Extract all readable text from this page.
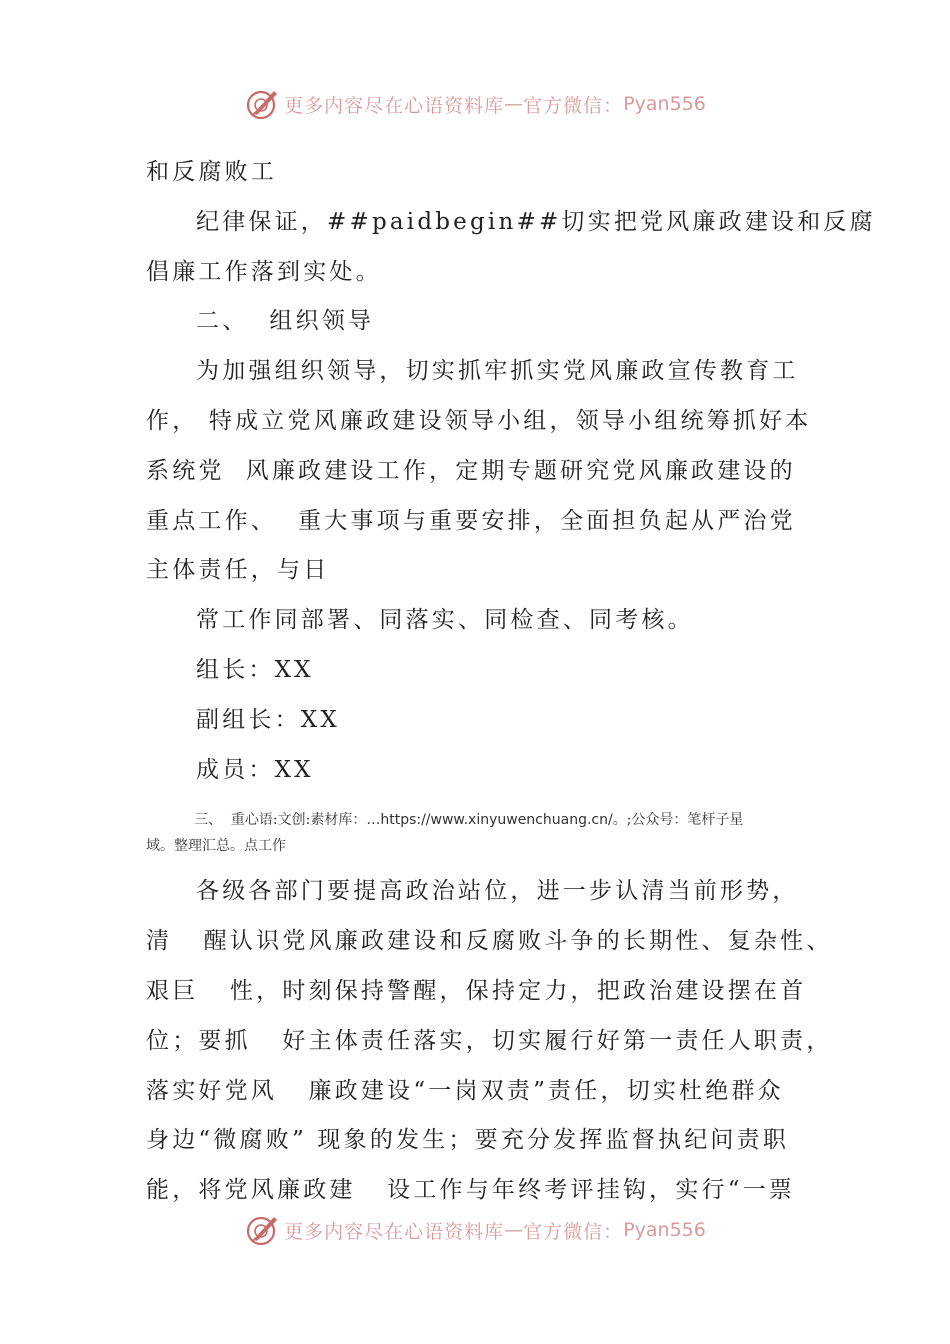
更多内容尽在心语资料库 — 官方微信： Pyan556
和反腐败工
纪律保证，##paidbegin##切实把党风廉政建设和反腐
倡廉工作落到实处。
二、  组织领导
为加强组织领导，切实抓牢抓实党风廉政宣传教育工
作， 特成立党风廉政建设领导小组，领导小组统筹抓好本
系统党  风廉政建设工作，定期专题研究党风廉政建设的
重点工作、  重大事项与重要安排，全面担负起从严治党
主体责任，与日
常工作同部署、同落实、同检查、同考核。
组长：XX
副组长：XX
成员：XX
三、  重心语:文创:素材库：…https://www.xinyuwenchuang.cn/。;公众号：笔杆子星
域。整理汇总。点工作
各级各部门要提高政治站位，进一步认清当前形势，
清   醒认识党风廉政建设和反腐败斗争的长期性、复杂性、
艰巨   性，时刻保持警醒，保持定力，把政治建设摆在首
位；要抓   好主体责任落实，切实履行好第一责任人职责，
落实好党风   廉政建设“一岗双责”责任，切实杜绝群众
身边“微腐败” 现象的发生；要充分发挥监督执纪问责职
能，将党风廉政建   设工作与年终考评挂钩，实行“一票
更多内容尽在心语资料库 — 官方微信： Pyan556
